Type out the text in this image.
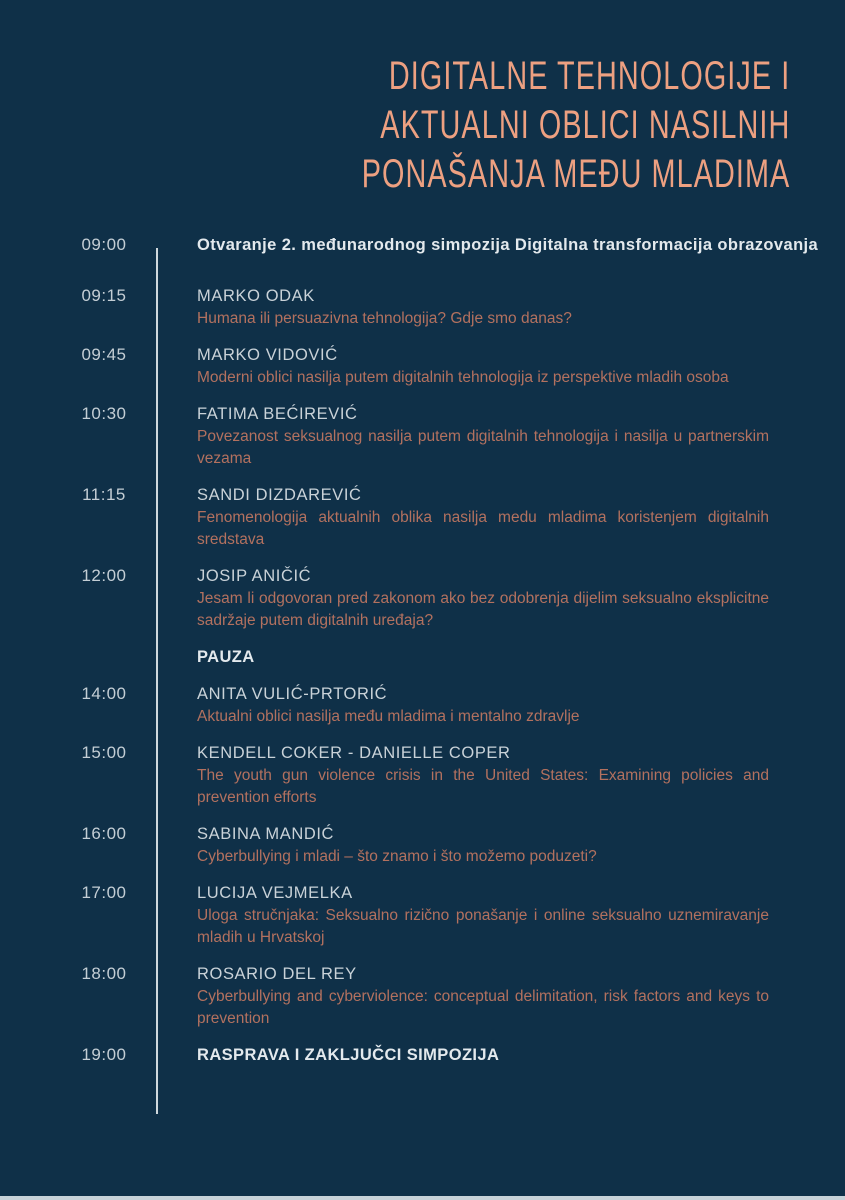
DIGITALNE TEHNOLOGIJE I
AKTUALNI OBLICI NASILNIH
PONAŠANJA MEĐU MLADIMA
09:00	Otvaranje 2. međunarodnog simpozija Digitalna transformacija obrazovanja
09:15	MARKO ODAK
Humana ili persuazivna tehnologija? Gdje smo danas?
09:45	MARKO VIDOVIĆ
Moderni oblici nasilja putem digitalnih tehnologija iz perspektive mladih osoba
10:30	FATIMA BEĆIREVIĆ
Povezanost seksualnog nasilja putem digitalnih tehnologija i nasilja u partnerskim vezama
11:15	SANDI DIZDAREVIĆ
Fenomenologija aktualnih oblika nasilja medu mladima koristenjem digitalnih sredstava
12:00	JOSIP ANIČIĆ
Jesam li odgovoran pred zakonom ako bez odobrenja dijelim seksualno eksplicitne sadržaje putem digitalnih uređaja?
PAUZA
14:00	ANITA VULIĆ-PRTORIĆ
Aktualni oblici nasilja među mladima i mentalno zdravlje
15:00	KENDELL COKER - DANIELLE COPER
The youth gun violence crisis in the United States: Examining policies and prevention efforts
16:00	SABINA MANDIĆ
Cyberbullying i mladi – što znamo i što možemo poduzeti?
17:00	LUCIJA VEJMELKA
Uloga stručnjaka: Seksualno rizično ponašanje i online seksualno uznemiravanje mladih u Hrvatskoj
18:00	ROSARIO DEL REY
Cyberbullying and cyberviolence: conceptual delimitation, risk factors and keys to prevention
19:00	RASPRAVA I ZAKLJUČCI SIMPOZIJA
